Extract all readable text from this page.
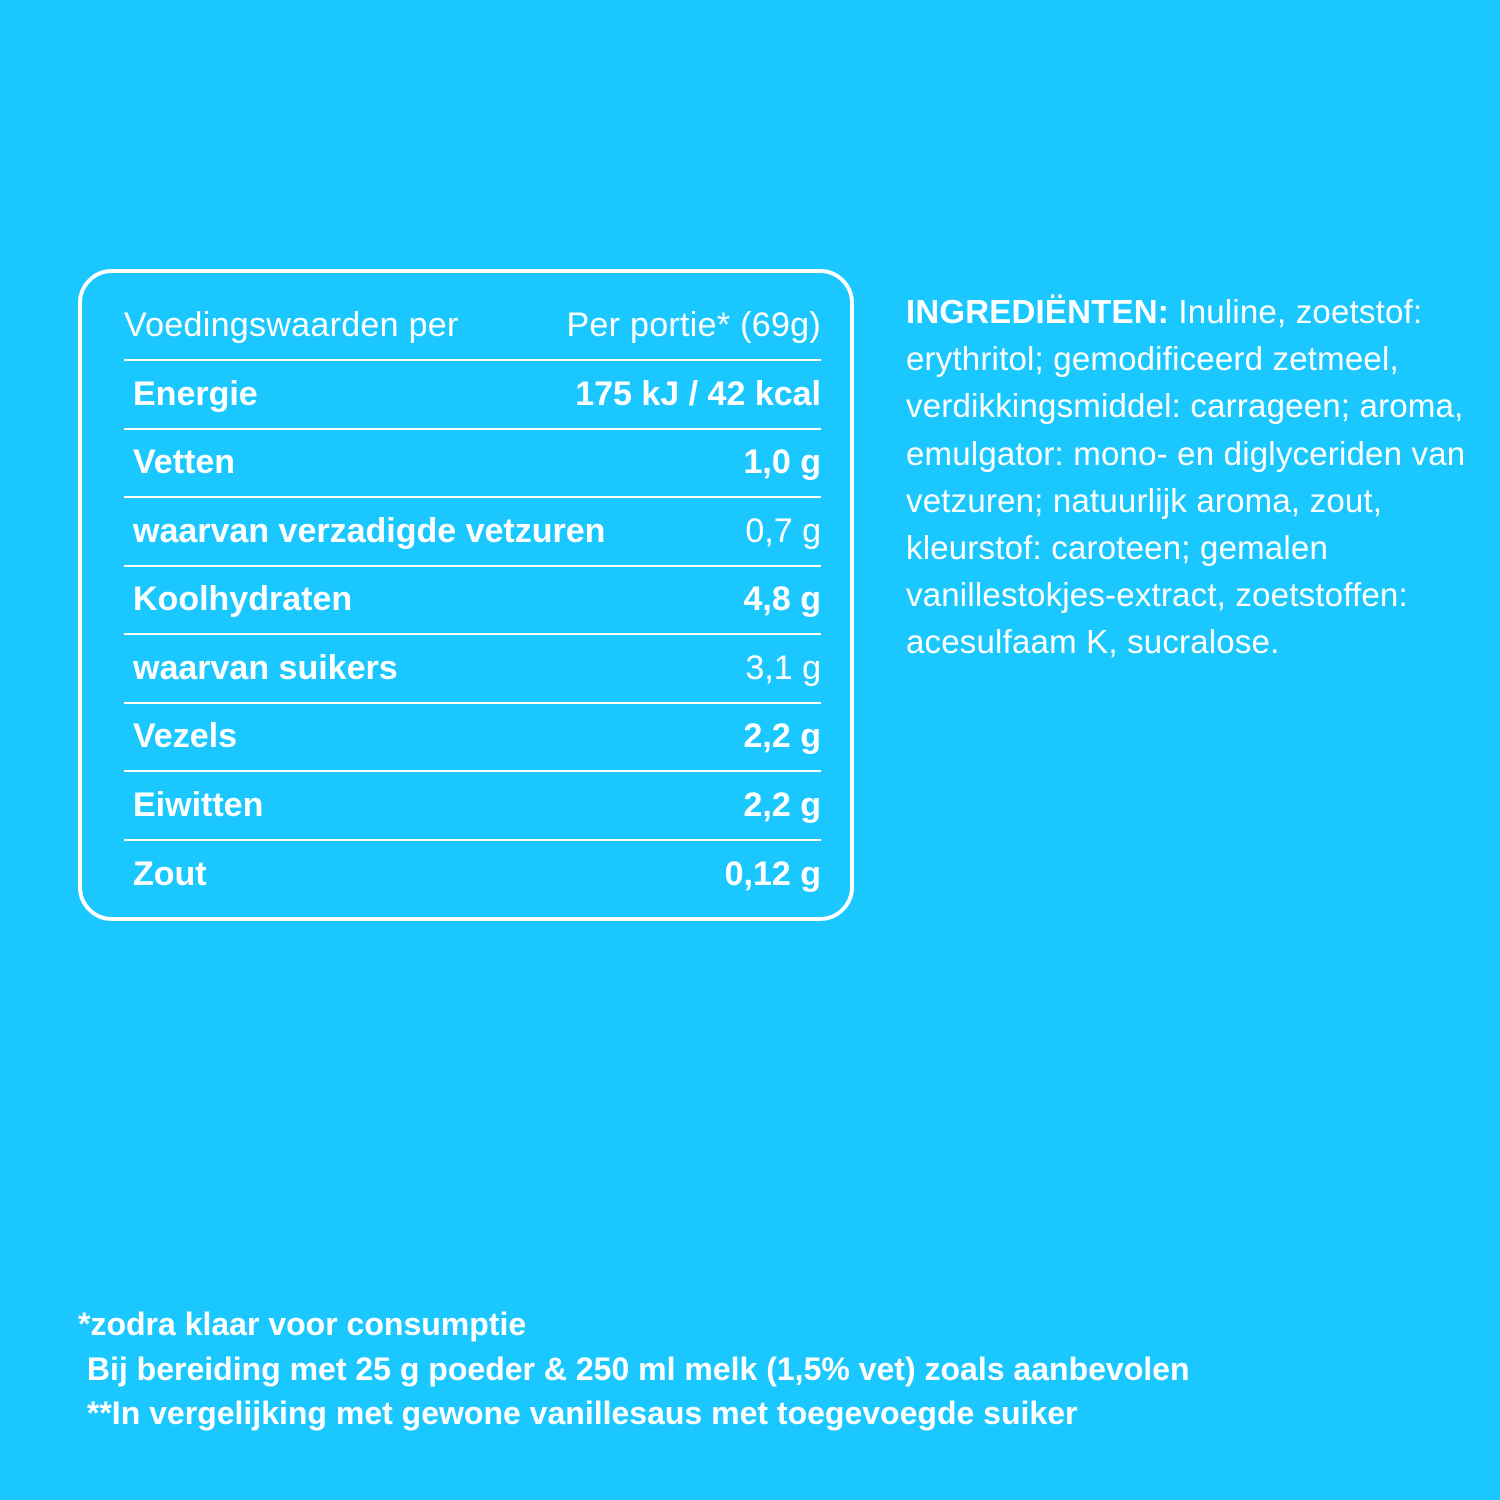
Voedingswaarden per	Per portie* (69g)
Energie	175 kJ / 42 kcal
Vetten	1,0 g
waarvan verzadigde vetzuren	0,7 g
Koolhydraten	4,8 g
waarvan suikers	3,1 g
Vezels	2,2 g
Eiwitten	2,2 g
Zout	0,12 g
INGREDIËNTEN: Inuline, zoetstof: erythritol; gemodificeerd zetmeel, verdikkingsmiddel: carrageen; aroma, emulgator: mono- en diglyceriden van vetzuren; natuurlijk aroma, zout, kleurstof: caroteen; gemalen vanillestokjes-extract, zoetstoffen: acesulfaam K, sucralose.
*zodra klaar voor consumptie
Bij bereiding met 25 g poeder & 250 ml melk (1,5% vet) zoals aanbevolen
**In vergelijking met gewone vanillesaus met toegevoegde suiker
